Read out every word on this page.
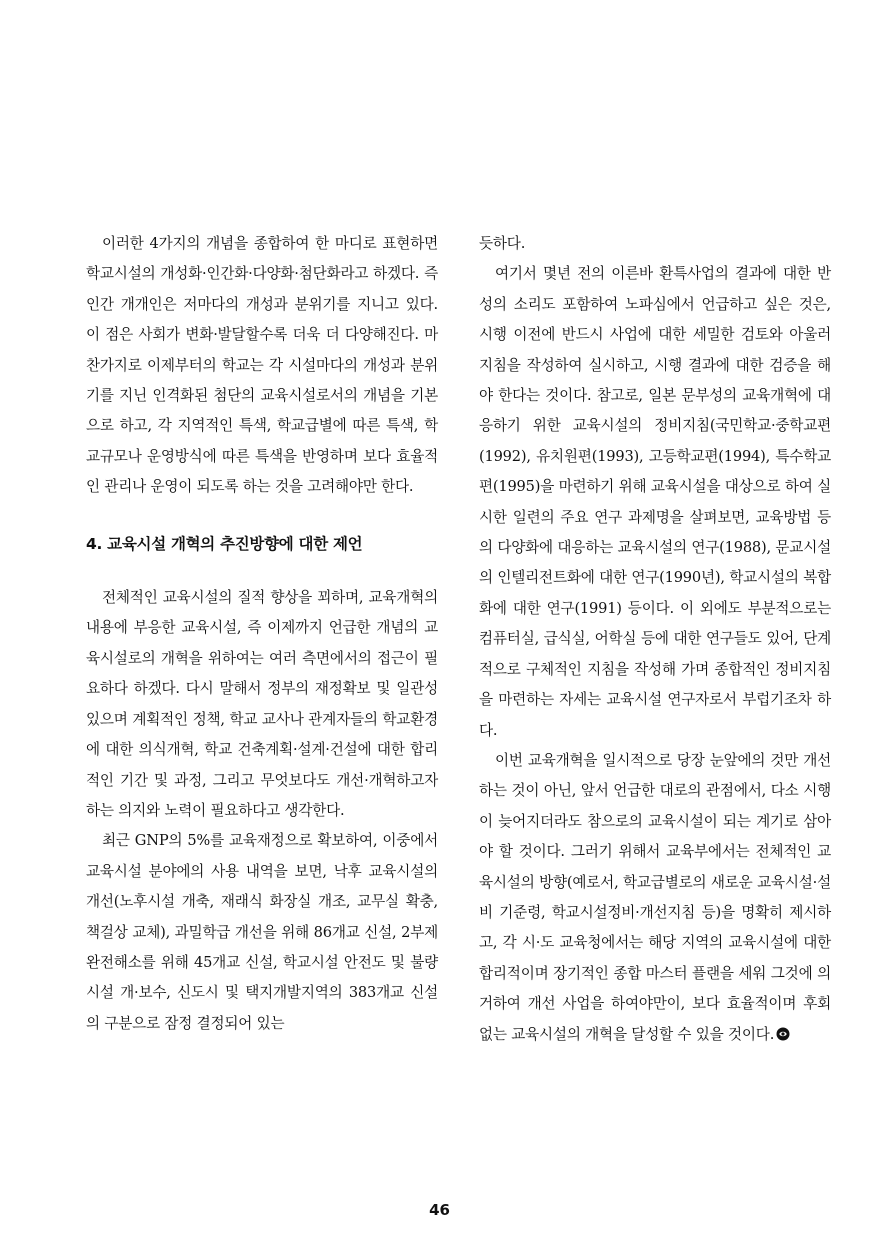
이러한 4가지의 개념을 종합하여 한 마디로 표현하면 학교시설의 개성화·인간화·다양화·첨단화라고 하겠다. 즉 인간 개개인은 저마다의 개성과 분위기를 지니고 있다. 이 점은 사회가 변화·발달할수록 더욱 더 다양해진다. 마찬가지로 이제부터의 학교는 각 시설마다의 개성과 분위기를 지닌 인격화된 첨단의 교육시설로서의 개념을 기본으로 하고, 각 지역적인 특색, 학교급별에 따른 특색, 학교규모나 운영방식에 따른 특색을 반영하며 보다 효율적인 관리나 운영이 되도록 하는 것을 고려해야만 한다.

4. 교육시설 개혁의 추진방향에 대한 제언

전체적인 교육시설의 질적 향상을 꾀하며, 교육개혁의 내용에 부응한 교육시설, 즉 이제까지 언급한 개념의 교육시설로의 개혁을 위하여는 여러 측면에서의 접근이 필요하다 하겠다. 다시 말해서 정부의 재정확보 및 일관성 있으며 계획적인 정책, 학교 교사나 관계자들의 학교환경에 대한 의식개혁, 학교 건축계획·설계·건설에 대한 합리적인 기간 및 과정, 그리고 무엇보다도 개선·개혁하고자 하는 의지와 노력이 필요하다고 생각한다.

최근 GNP의 5%를 교육재정으로 확보하여, 이중에서 교육시설 분야에의 사용 내역을 보면, 낙후 교육시설의 개선(노후시설 개축, 재래식 화장실 개조, 교무실 확충, 책걸상 교체), 과밀학급 개선을 위해 86개교 신설, 2부제 완전해소를 위해 45개교 신설, 학교시설 안전도 및 불량시설 개·보수, 신도시 및 택지개발지역의 383개교 신설의 구분으로 잠정 결정되어 있는

듯하다.

여기서 몇년 전의 이른바 환특사업의 결과에 대한 반성의 소리도 포함하여 노파심에서 언급하고 싶은 것은, 시행 이전에 반드시 사업에 대한 세밀한 검토와 아울러 지침을 작성하여 실시하고, 시행 결과에 대한 검증을 해야 한다는 것이다. 참고로, 일본 문부성의 교육개혁에 대응하기 위한 교육시설의 정비지침(국민학교·중학교편(1992), 유치원편(1993), 고등학교편(1994), 특수학교편(1995)을 마련하기 위해 교육시설을 대상으로 하여 실시한 일련의 주요 연구 과제명을 살펴보면, 교육방법 등의 다양화에 대응하는 교육시설의 연구(1988), 문교시설의 인텔리전트화에 대한 연구(1990년), 학교시설의 복합화에 대한 연구(1991) 등이다. 이 외에도 부분적으로는 컴퓨터실, 급식실, 어학실 등에 대한 연구들도 있어, 단계적으로 구체적인 지침을 작성해 가며 종합적인 정비지침을 마련하는 자세는 교육시설 연구자로서 부럽기조차 하다.

이번 교육개혁을 일시적으로 당장 눈앞에의 것만 개선하는 것이 아닌, 앞서 언급한 대로의 관점에서, 다소 시행이 늦어지더라도 참으로의 교육시설이 되는 계기로 삼아야 할 것이다. 그러기 위해서 교육부에서는 전체적인 교육시설의 방향(예로서, 학교급별로의 새로운 교육시설·설비 기준령, 학교시설정비·개선지침 등)을 명확히 제시하고, 각 시·도 교육청에서는 해당 지역의 교육시설에 대한 합리적이며 장기적인 종합 마스터 플랜을 세워 그것에 의거하여 개선 사업을 하여야만이, 보다 효율적이며 후회 없는 교육시설의 개혁을 달성할 수 있을 것이다.

46
